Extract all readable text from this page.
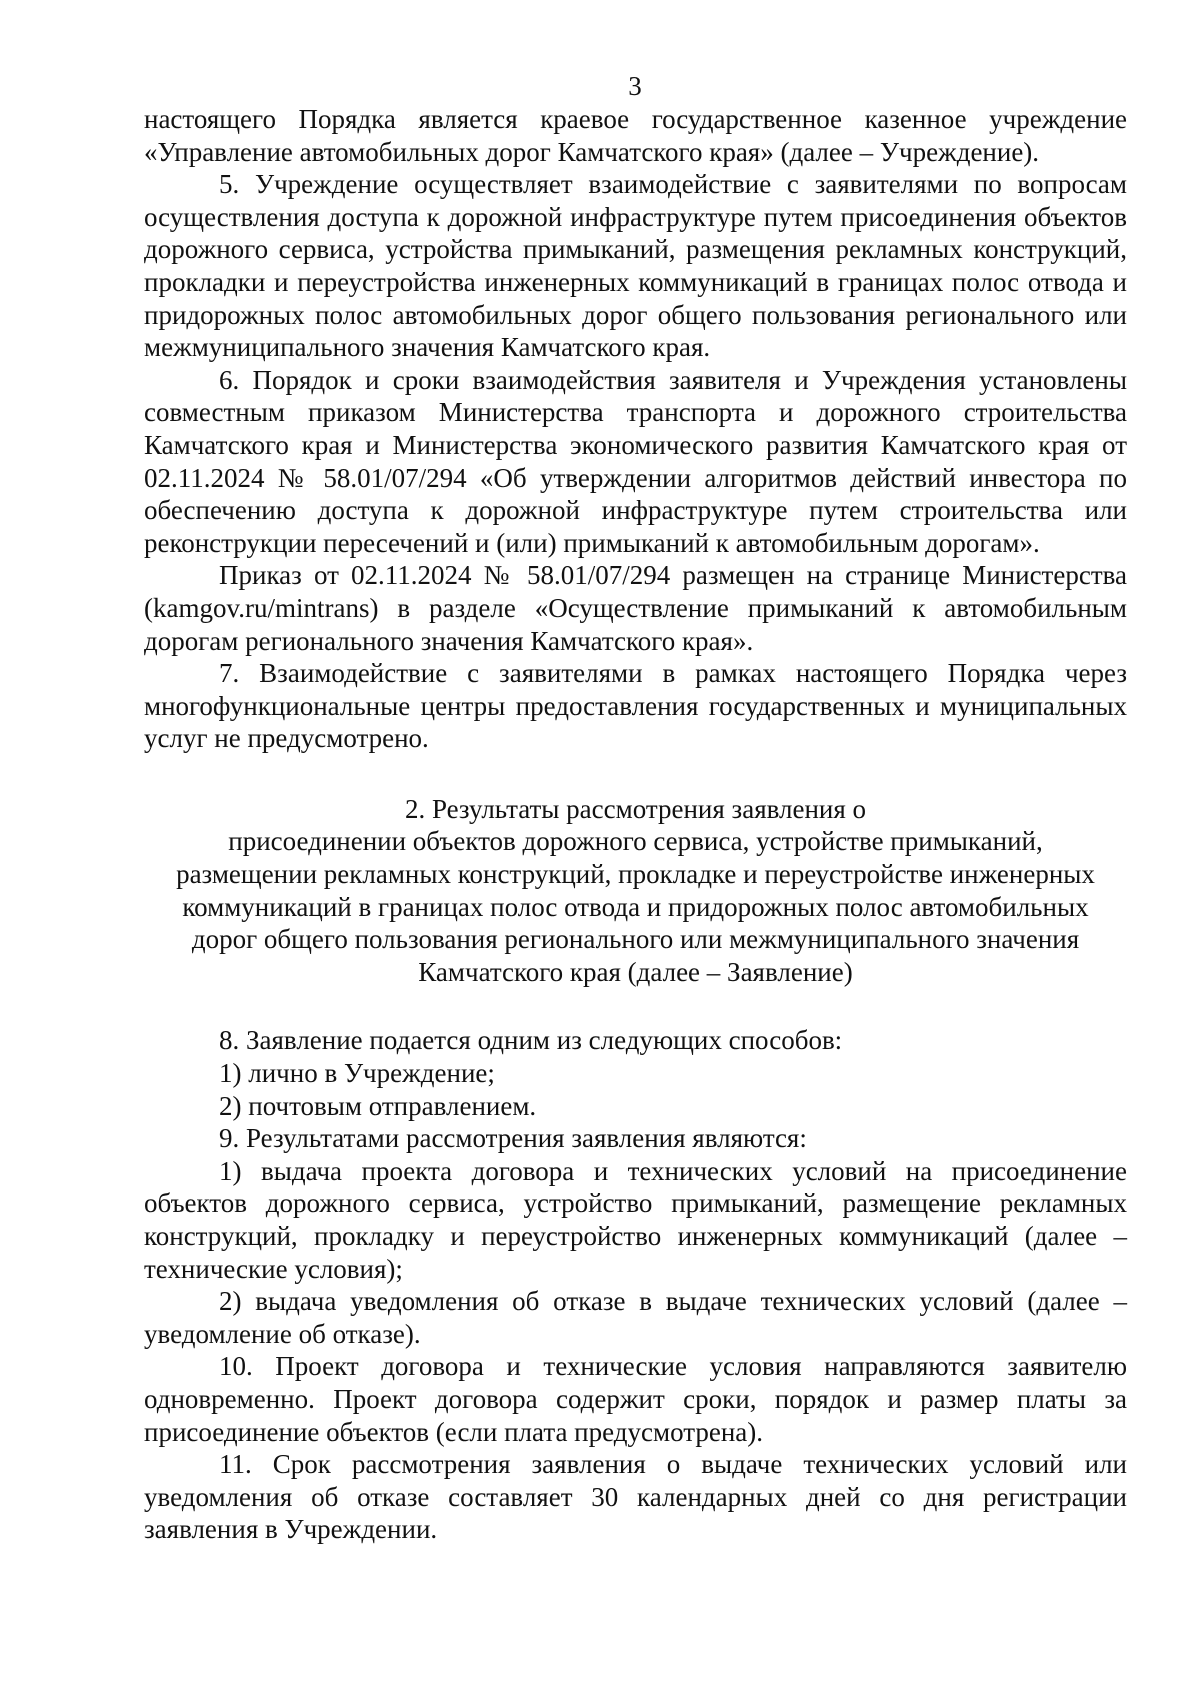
3

настоящего Порядка является краевое государственное казенное учреждение «Управление автомобильных дорог Камчатского края» (далее – Учреждение).

5. Учреждение осуществляет взаимодействие с заявителями по вопросам осуществления доступа к дорожной инфраструктуре путем присоединения объектов дорожного сервиса, устройства примыканий, размещения рекламных конструкций, прокладки и переустройства инженерных коммуникаций в границах полос отвода и придорожных полос автомобильных дорог общего пользования регионального или межмуниципального значения Камчатского края.

6. Порядок и сроки взаимодействия заявителя и Учреждения установлены совместным приказом Министерства транспорта и дорожного строительства Камчатского края и Министерства экономического развития Камчатского края от 02.11.2024 № 58.01/07/294 «Об утверждении алгоритмов действий инвестора по обеспечению доступа к дорожной инфраструктуре путем строительства или реконструкции пересечений и (или) примыканий к автомобильным дорогам».

Приказ от 02.11.2024 № 58.01/07/294 размещен на странице Министерства (kamgov.ru/mintrans) в разделе «Осуществление примыканий к автомобильным дорогам регионального значения Камчатского края».

7. Взаимодействие с заявителями в рамках настоящего Порядка через многофункциональные центры предоставления государственных и муниципальных услуг не предусмотрено.

2. Результаты рассмотрения заявления о
присоединении объектов дорожного сервиса, устройстве примыканий,
размещении рекламных конструкций, прокладке и переустройстве инженерных
коммуникаций в границах полос отвода и придорожных полос автомобильных
дорог общего пользования регионального или межмуниципального значения
Камчатского края (далее – Заявление)

8. Заявление подается одним из следующих способов:

1) лично в Учреждение;

2) почтовым отправлением.

9. Результатами рассмотрения заявления являются:

1) выдача проекта договора и технических условий на присоединение объектов дорожного сервиса, устройство примыканий, размещение рекламных конструкций, прокладку и переустройство инженерных коммуникаций (далее – технические условия);

2) выдача уведомления об отказе в выдаче технических условий (далее – уведомление об отказе).

10. Проект договора и технические условия направляются заявителю одновременно. Проект договора содержит сроки, порядок и размер платы за присоединение объектов (если плата предусмотрена).

11. Срок рассмотрения заявления о выдаче технических условий или уведомления об отказе составляет 30 календарных дней со дня регистрации заявления в Учреждении.
